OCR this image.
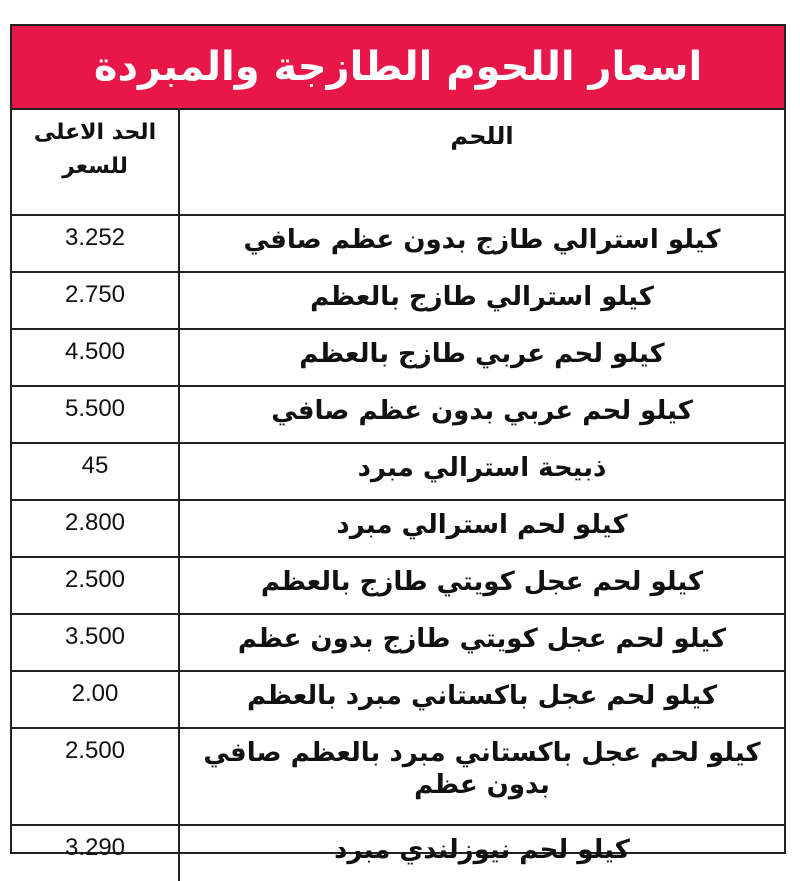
اسعار اللحوم الطازجة والمبردة
الحد الاعلى للسعر	اللحم
3.252	كيلو استرالي طازج بدون عظم صافي
2.750	كيلو استرالي طازج بالعظم
4.500	كيلو لحم عربي طازج بالعظم
5.500	كيلو لحم عربي بدون عظم صافي
45	ذبيحة استرالي مبرد
2.800	كيلو لحم استرالي مبرد
2.500	كيلو لحم عجل كويتي طازج بالعظم
3.500	كيلو لحم عجل كويتي طازج بدون عظم
2.00	كيلو لحم عجل باكستاني مبرد بالعظم
2.500	كيلو لحم عجل باكستاني مبرد بالعظم صافي بدون عظم
3.290	كيلو لحم نيوزلندي مبرد
